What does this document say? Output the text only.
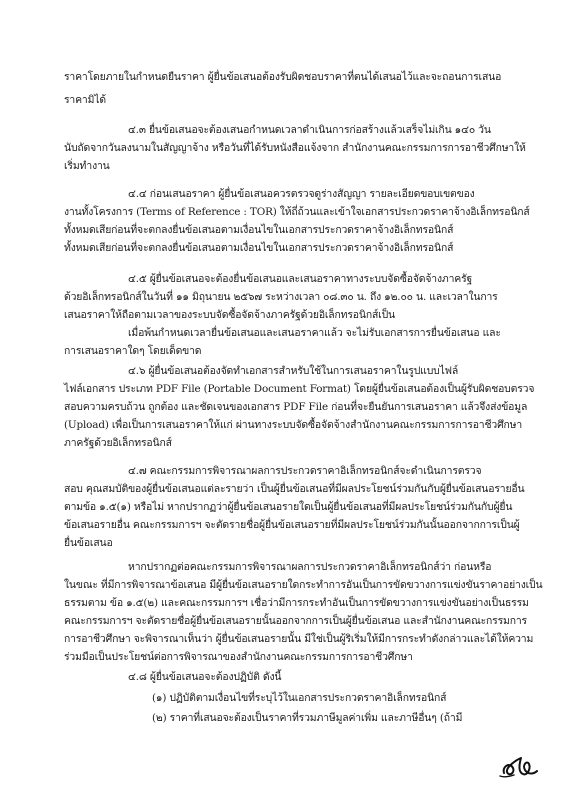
ราคาโดยภายในกำหนดยืนราคา ผู้ยื่นข้อเสนอต้องรับผิดชอบราคาที่ตนได้เสนอไว้และจะถอนการเสนอ
ราคามิได้
๔.๓ ยื่นข้อเสนอจะต้องเสนอกำหนดเวลาดำเนินการก่อสร้างแล้วเสร็จไม่เกิน ๑๔๐ วัน
นับถัดจากวันลงนามในสัญญาจ้าง หรือวันที่ได้รับหนังสือแจ้งจาก สำนักงานคณะกรรมการการอาชีวศึกษาให้
เริ่มทำงาน
๔.๔ ก่อนเสนอราคา ผู้ยื่นข้อเสนอควรตรวจดูร่างสัญญา รายละเอียดขอบเขตของ
งานทั้งโครงการ (Terms of Reference : TOR) ให้ถี่ถ้วนและเข้าใจเอกสารประกวดราคาจ้างอิเล็กทรอนิกส์
ทั้งหมดเสียก่อนที่จะตกลงยื่นข้อเสนอตามเงื่อนไขในเอกสารประกวดราคาจ้างอิเล็กทรอนิกส์
ทั้งหมดเสียก่อนที่จะตกลงยื่นข้อเสนอตามเงื่อนไขในเอกสารประกวดราคาจ้างอิเล็กทรอนิกส์
๔.๕ ผู้ยื่นข้อเสนอจะต้องยื่นข้อเสนอและเสนอราคาทางระบบจัดซื้อจัดจ้างภาครัฐ
ด้วยอิเล็กทรอนิกส์ในวันที่ ๑๑ มิถุนายน ๒๕๖๗ ระหว่างเวลา ๐๘.๓๐ น. ถึง ๑๒.๐๐ น. และเวลาในการ
เสนอราคาให้ถือตามเวลาของระบบจัดซื้อจัดจ้างภาครัฐด้วยอิเล็กทรอนิกส์เป็น
เมื่อพ้นกำหนดเวลายื่นข้อเสนอและเสนอราคาแล้ว จะไม่รับเอกสารการยื่นข้อเสนอ และ
การเสนอราคาใดๆ โดยเด็ดขาด
๔.๖ ผู้ยื่นข้อเสนอต้องจัดทำเอกสารสำหรับใช้ในการเสนอราคาในรูปแบบไฟล์
ไฟล์เอกสาร ประเภท PDF File (Portable Document Format) โดยผู้ยื่นข้อเสนอต้องเป็นผู้รับผิดชอบตรวจ
สอบความครบถ้วน ถูกต้อง และชัดเจนของเอกสาร PDF File ก่อนที่จะยืนยันการเสนอราคา แล้วจึงส่งข้อมูล
(Upload) เพื่อเป็นการเสนอราคาให้แก่ ผ่านทางระบบจัดซื้อจัดจ้างสำนักงานคณะกรรมการการอาชีวศึกษา
ภาครัฐด้วยอิเล็กทรอนิกส์
๔.๗ คณะกรรมการพิจารณาผลการประกวดราคาอิเล็กทรอนิกส์จะดำเนินการตรวจ
สอบ คุณสมบัติของผู้ยื่นข้อเสนอแต่ละรายว่า เป็นผู้ยื่นข้อเสนอที่มีผลประโยชน์ร่วมกันกับผู้ยื่นข้อเสนอรายอื่น
ตามข้อ ๑.๕(๑) หรือไม่ หากปรากฏว่าผู้ยื่นข้อเสนอรายใดเป็นผู้ยื่นข้อเสนอที่มีผลประโยชน์ร่วมกันกับผู้ยื่น
ข้อเสนอรายอื่น คณะกรรมการฯ จะตัดรายชื่อผู้ยื่นข้อเสนอรายที่มีผลประโยชน์ร่วมกันนั้นออกจากการเป็นผู้
ยื่นข้อเสนอ
หากปรากฏต่อคณะกรรมการพิจารณาผลการประกวดราคาอิเล็กทรอนิกส์ว่า ก่อนหรือ
ในขณะ ที่มีการพิจารณาข้อเสนอ มีผู้ยื่นข้อเสนอรายใดกระทำการอันเป็นการขัดขวางการแข่งขันราคาอย่างเป็น
ธรรมตาม ข้อ ๑.๕(๒) และคณะกรรมการฯ เชื่อว่ามีการกระทำอันเป็นการขัดขวางการแข่งขันอย่างเป็นธรรม
คณะกรรมการฯ จะตัดรายชื่อผู้ยื่นข้อเสนอรายนั้นออกจากการเป็นผู้ยื่นข้อเสนอ และสำนักงานคณะกรรมการ
การอาชีวศึกษา จะพิจารณาเห็นว่า ผู้ยื่นข้อเสนอรายนั้น มีใช่เป็นผู้ริเริ่มให้มีการกระทำดังกล่าวและได้ให้ความ
ร่วมมือเป็นประโยชน์ต่อการพิจารณาของสำนักงานคณะกรรมการการอาชีวศึกษา
๔.๘ ผู้ยื่นข้อเสนอจะต้องปฏิบัติ ดังนี้
(๑) ปฏิบัติตามเงื่อนไขที่ระบุไว้ในเอกสารประกวดราคาอิเล็กทรอนิกส์
(๒) ราคาที่เสนอจะต้องเป็นราคาที่รวมภาษีมูลค่าเพิ่ม และภาษีอื่นๆ (ถ้ามี
